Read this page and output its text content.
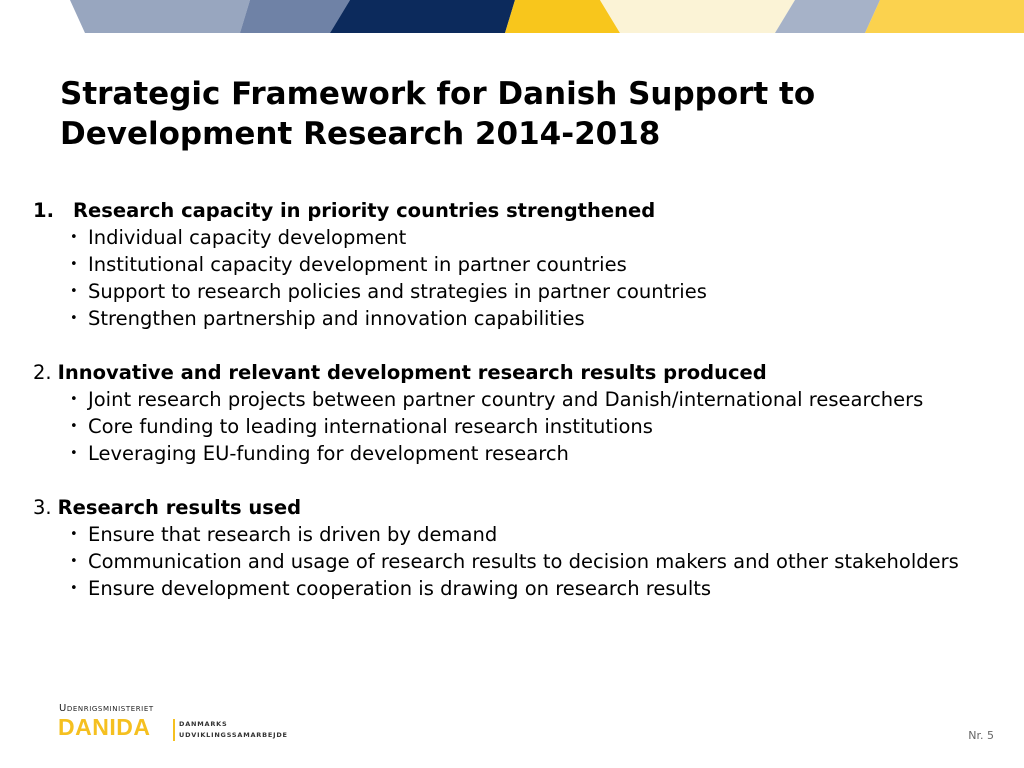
Strategic Framework for Danish Support to Development Research 2014-2018
1. Research capacity in priority countries strengthened
• Individual capacity development
• Institutional capacity development in partner countries
• Support to research policies and strategies in partner countries
• Strengthen partnership and innovation capabilities
2. Innovative and relevant development research results produced
• Joint research projects between partner country and Danish/international researchers
• Core funding to leading international research institutions
• Leveraging EU-funding for development research
3. Research results used
• Ensure that research is driven by demand
• Communication and usage of research results to decision makers and other stakeholders
• Ensure development cooperation is drawing on research results
Udenrigsministeriet
DANIDA	DANMARKS
UDVIKLINGSSAMARBEJDE	Nr. 5
